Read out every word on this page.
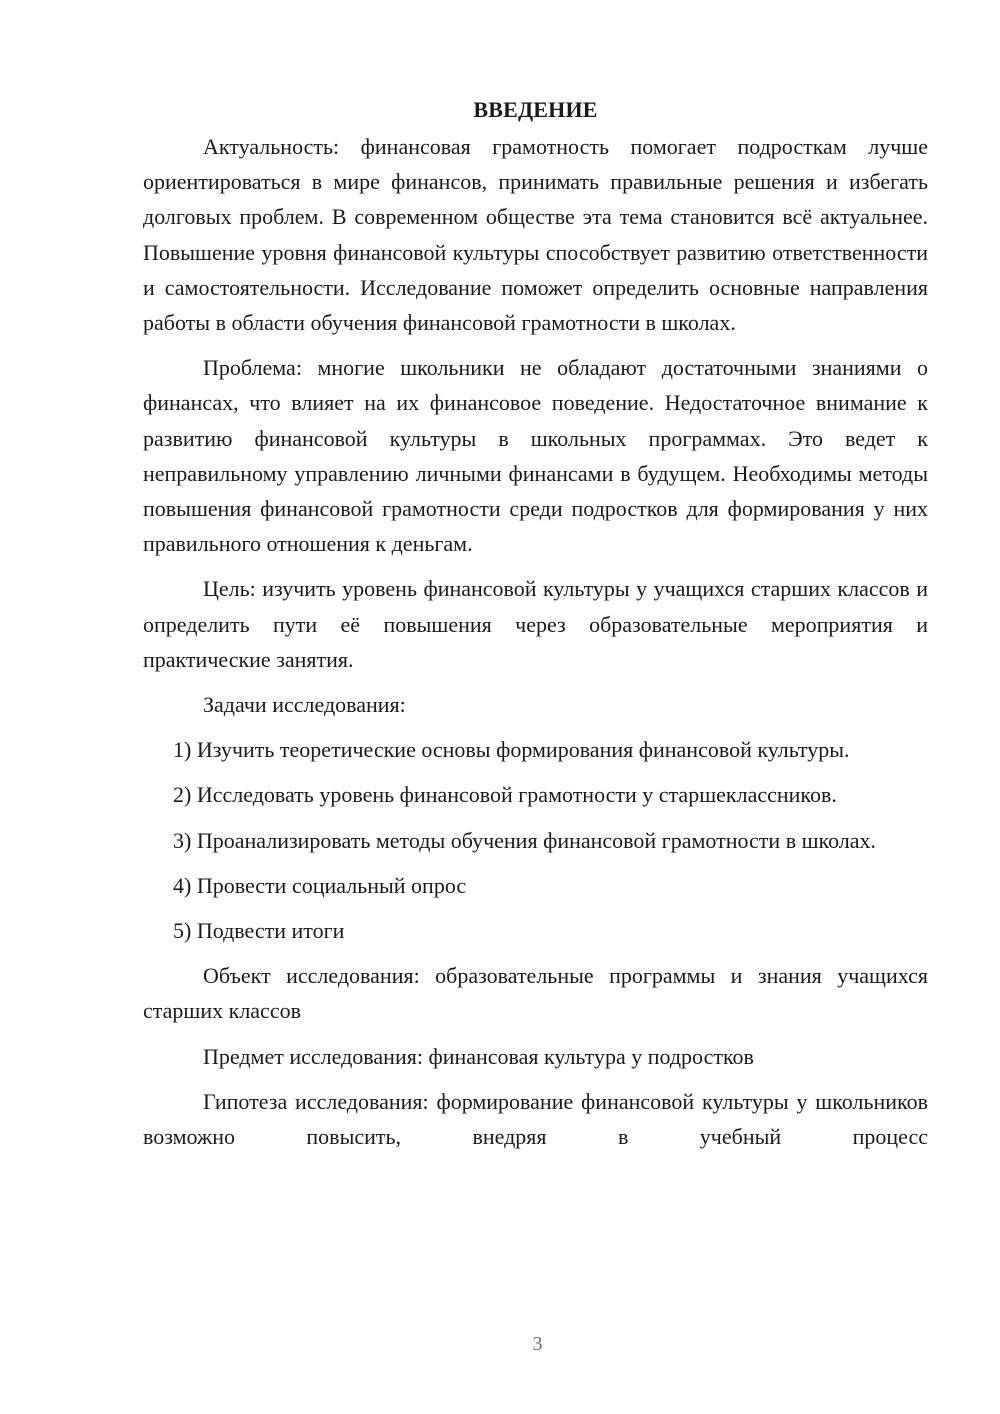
ВВЕДЕНИЕ

Актуальность: финансовая грамотность помогает подросткам лучше ориентироваться в мире финансов, принимать правильные решения и избегать долговых проблем. В современном обществе эта тема становится всё актуальнее. Повышение уровня финансовой культуры способствует развитию ответственности и самостоятельности. Исследование поможет определить основные направления работы в области обучения финансовой грамотности в школах.

Проблема: многие школьники не обладают достаточными знаниями о финансах, что влияет на их финансовое поведение. Недостаточное внимание к развитию финансовой культуры в школьных программах. Это ведет к неправильному управлению личными финансами в будущем. Необходимы методы повышения финансовой грамотности среди подростков для формирования у них правильного отношения к деньгам.

Цель: изучить уровень финансовой культуры у учащихся старших классов и определить пути её повышения через образовательные мероприятия и практические занятия.

Задачи исследования:

1) Изучить теоретические основы формирования финансовой культуры.

2) Исследовать уровень финансовой грамотности у старшеклассников.

3) Проанализировать методы обучения финансовой грамотности в школах.

4) Провести социальный опрос

5) Подвести итоги

Объект исследования: образовательные программы и знания учащихся старших классов

Предмет исследования: финансовая культура у подростков

Гипотеза исследования: формирование финансовой культуры у школьников возможно повысить, внедряя в учебный процесс

3
